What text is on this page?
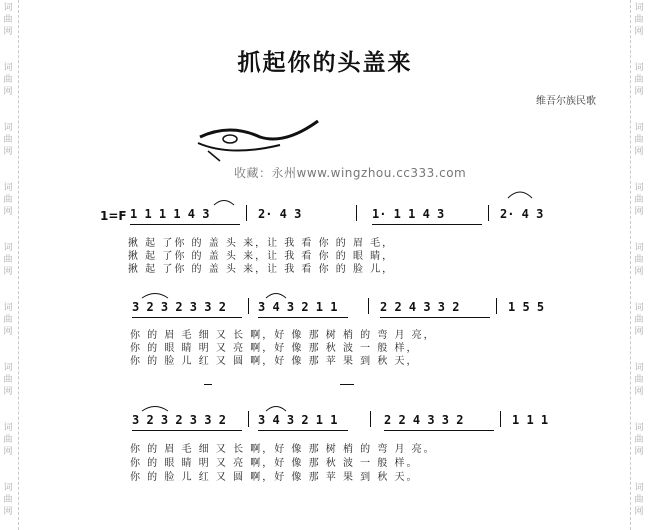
词
曲
网
词
曲
网
词
曲
网
词
曲
网
词
曲
网
词
曲
网
词
曲
网
词
曲
网
词
曲
网
词
曲
网
词
曲
网
词
曲
网
词
曲
网
词
曲
网
词
曲
网
词
曲
网
词
曲
网
词
曲
网
抓起你的头盖来
维吾尔族民歌
收藏：永州www.wingzhou.cc333.com
1=F 1 1 1 1 4 3	2· 4 3	1· 1 1 4 3	2· 4 3
揪 起 了你 的 盖 头 来，让 我 看 你 的 眉 毛，
揪 起 了你 的 盖 头 来，让 我 看 你 的 眼 睛，
揪 起 了你 的 盖 头 来，让 我 看 你 的 脸 儿，
3 2 3 2 3 3 2	3 4 3 2 1 1	2 2 4 3 3 2	1 5 5
你 的 眉 毛 细 又 长 啊，好 像 那 树 梢 的 弯 月 亮，
你 的 眼 睛 明 又 亮 啊，好 像 那 秋 波 一 般 样，
你 的 脸 儿 红 又 圆 啊，好 像 那 苹 果 到 秋 天，
3 2 3 2 3 3 2	3 4 3 2 1 1	2 2 4 3 3 2	1 1 1
你 的 眉 毛 细 又 长 啊，好 像 那 树 梢 的 弯 月 亮。
你 的 眼 睛 明 又 亮 啊，好 像 那 秋 波 一 般 样。
你 的 脸 儿 红 又 圆 啊，好 像 那 苹 果 到 秋 天。
